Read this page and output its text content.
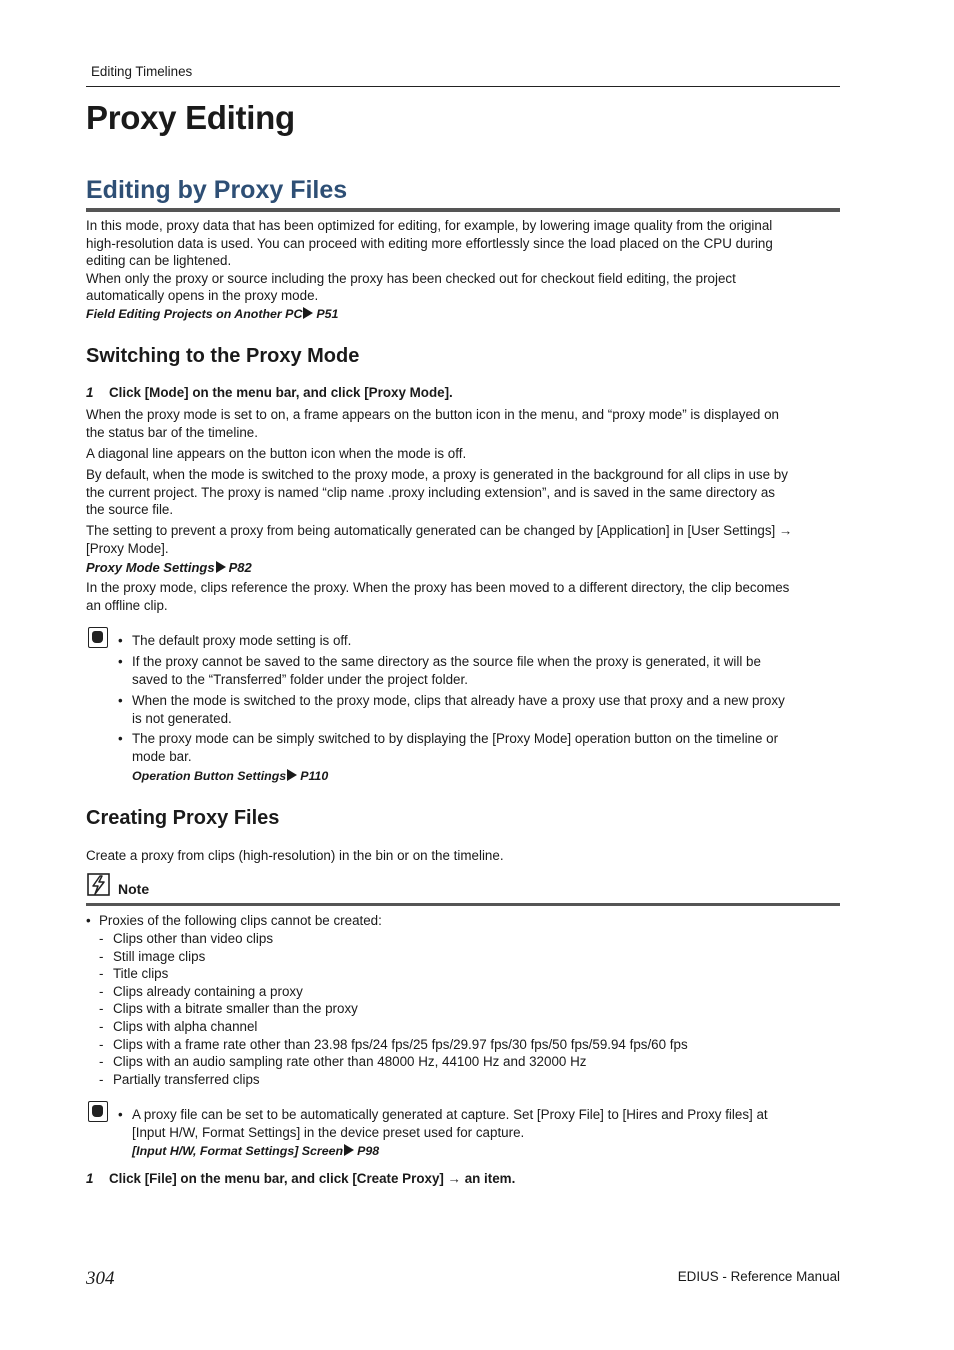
Editing Timelines
Proxy Editing
Editing by Proxy Files
In this mode, proxy data that has been optimized for editing, for example, by lowering image quality from the original
high-resolution data is used. You can proceed with editing more effortlessly since the load placed on the CPU during
editing can be lightened.
When only the proxy or source including the proxy has been checked out for checkout field editing, the project
automatically opens in the proxy mode.
Field Editing Projects on Another PC P51
Switching to the Proxy Mode
1 Click [Mode] on the menu bar, and click [Proxy Mode].
When the proxy mode is set to on, a frame appears on the button icon in the menu, and “proxy mode” is displayed on
the status bar of the timeline.
A diagonal line appears on the button icon when the mode is off.
By default, when the mode is switched to the proxy mode, a proxy is generated in the background for all clips in use by
the current project. The proxy is named “clip name .proxy including extension”, and is saved in the same directory as
the source file.
The setting to prevent a proxy from being automatically generated can be changed by [Application] in [User Settings] →
[Proxy Mode].
Proxy Mode Settings P82
In the proxy mode, clips reference the proxy. When the proxy has been moved to a different directory, the clip becomes
an offline clip.
• The default proxy mode setting is off.
• If the proxy cannot be saved to the same directory as the source file when the proxy is generated, it will be
saved to the “Transferred” folder under the project folder.
• When the mode is switched to the proxy mode, clips that already have a proxy use that proxy and a new proxy
is not generated.
• The proxy mode can be simply switched to by displaying the [Proxy Mode] operation button on the timeline or
mode bar.
Operation Button Settings P110
Creating Proxy Files
Create a proxy from clips (high-resolution) in the bin or on the timeline.
Note
• Proxies of the following clips cannot be created:
- Clips other than video clips
- Still image clips
- Title clips
- Clips already containing a proxy
- Clips with a bitrate smaller than the proxy
- Clips with alpha channel
- Clips with a frame rate other than 23.98 fps/24 fps/25 fps/29.97 fps/30 fps/50 fps/59.94 fps/60 fps
- Clips with an audio sampling rate other than 48000 Hz, 44100 Hz and 32000 Hz
- Partially transferred clips
• A proxy file can be set to be automatically generated at capture. Set [Proxy File] to [Hires and Proxy files] at
[Input H/W, Format Settings] in the device preset used for capture.
[Input H/W, Format Settings] Screen P98
1 Click [File] on the menu bar, and click [Create Proxy] → an item.
304	EDIUS - Reference Manual
